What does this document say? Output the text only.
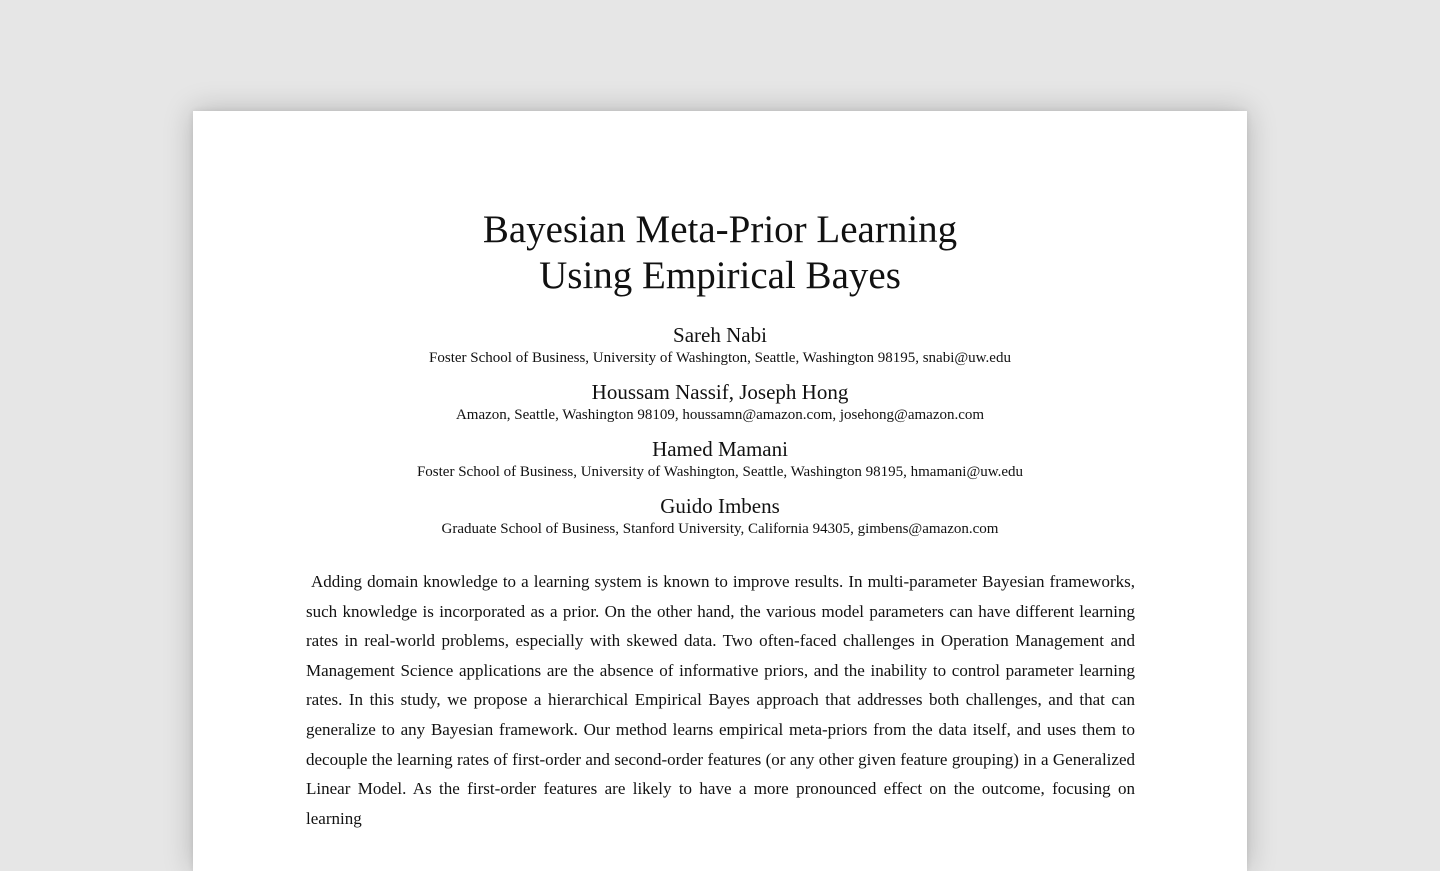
Bayesian Meta-Prior Learning
Using Empirical Bayes
Sareh Nabi
Foster School of Business, University of Washington, Seattle, Washington 98195, snabi@uw.edu
Houssam Nassif, Joseph Hong
Amazon, Seattle, Washington 98109, houssamn@amazon.com, josehong@amazon.com
Hamed Mamani
Foster School of Business, University of Washington, Seattle, Washington 98195, hmamani@uw.edu
Guido Imbens
Graduate School of Business, Stanford University, California 94305, gimbens@amazon.com

Adding domain knowledge to a learning system is known to improve results. In multi-parameter Bayesian frameworks, such knowledge is incorporated as a prior. On the other hand, the various model parameters can have different learning rates in real-world problems, especially with skewed data. Two often-faced challenges in Operation Management and Management Science applications are the absence of informative priors, and the inability to control parameter learning rates. In this study, we propose a hierarchical Empirical Bayes approach that addresses both challenges, and that can generalize to any Bayesian framework. Our method learns empirical meta-priors from the data itself, and uses them to decouple the learning rates of first-order and second-order features (or any other given feature grouping) in a Generalized Linear Model. As the first-order features are likely to have a more pronounced effect on the outcome, focusing on learning
